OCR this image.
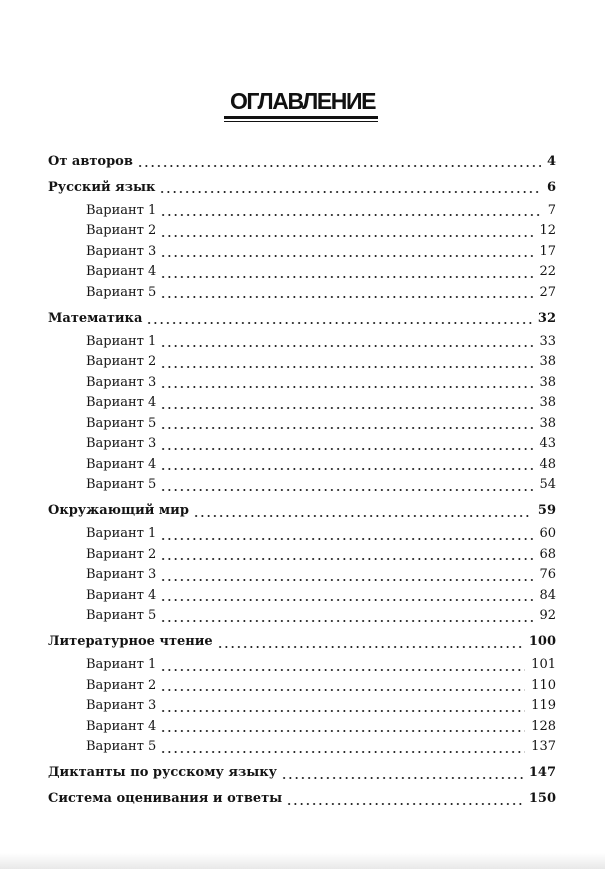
ОГЛАВЛЕНИЕ
От авторов	4
Русский язык	6
Вариант 1	7
Вариант 2	12
Вариант 3	17
Вариант 4	22
Вариант 5	27
Математика	32
Вариант 1	33
Вариант 2	38
Вариант 3	38
Вариант 4	38
Вариант 5	38
Вариант 3	43
Вариант 4	48
Вариант 5	54
Окружающий мир	59
Вариант 1	60
Вариант 2	68
Вариант 3	76
Вариант 4	84
Вариант 5	92
Литературное чтение	100
Вариант 1	101
Вариант 2	110
Вариант 3	119
Вариант 4	128
Вариант 5	137
Диктанты по русскому языку	147
Система оценивания и ответы	150
